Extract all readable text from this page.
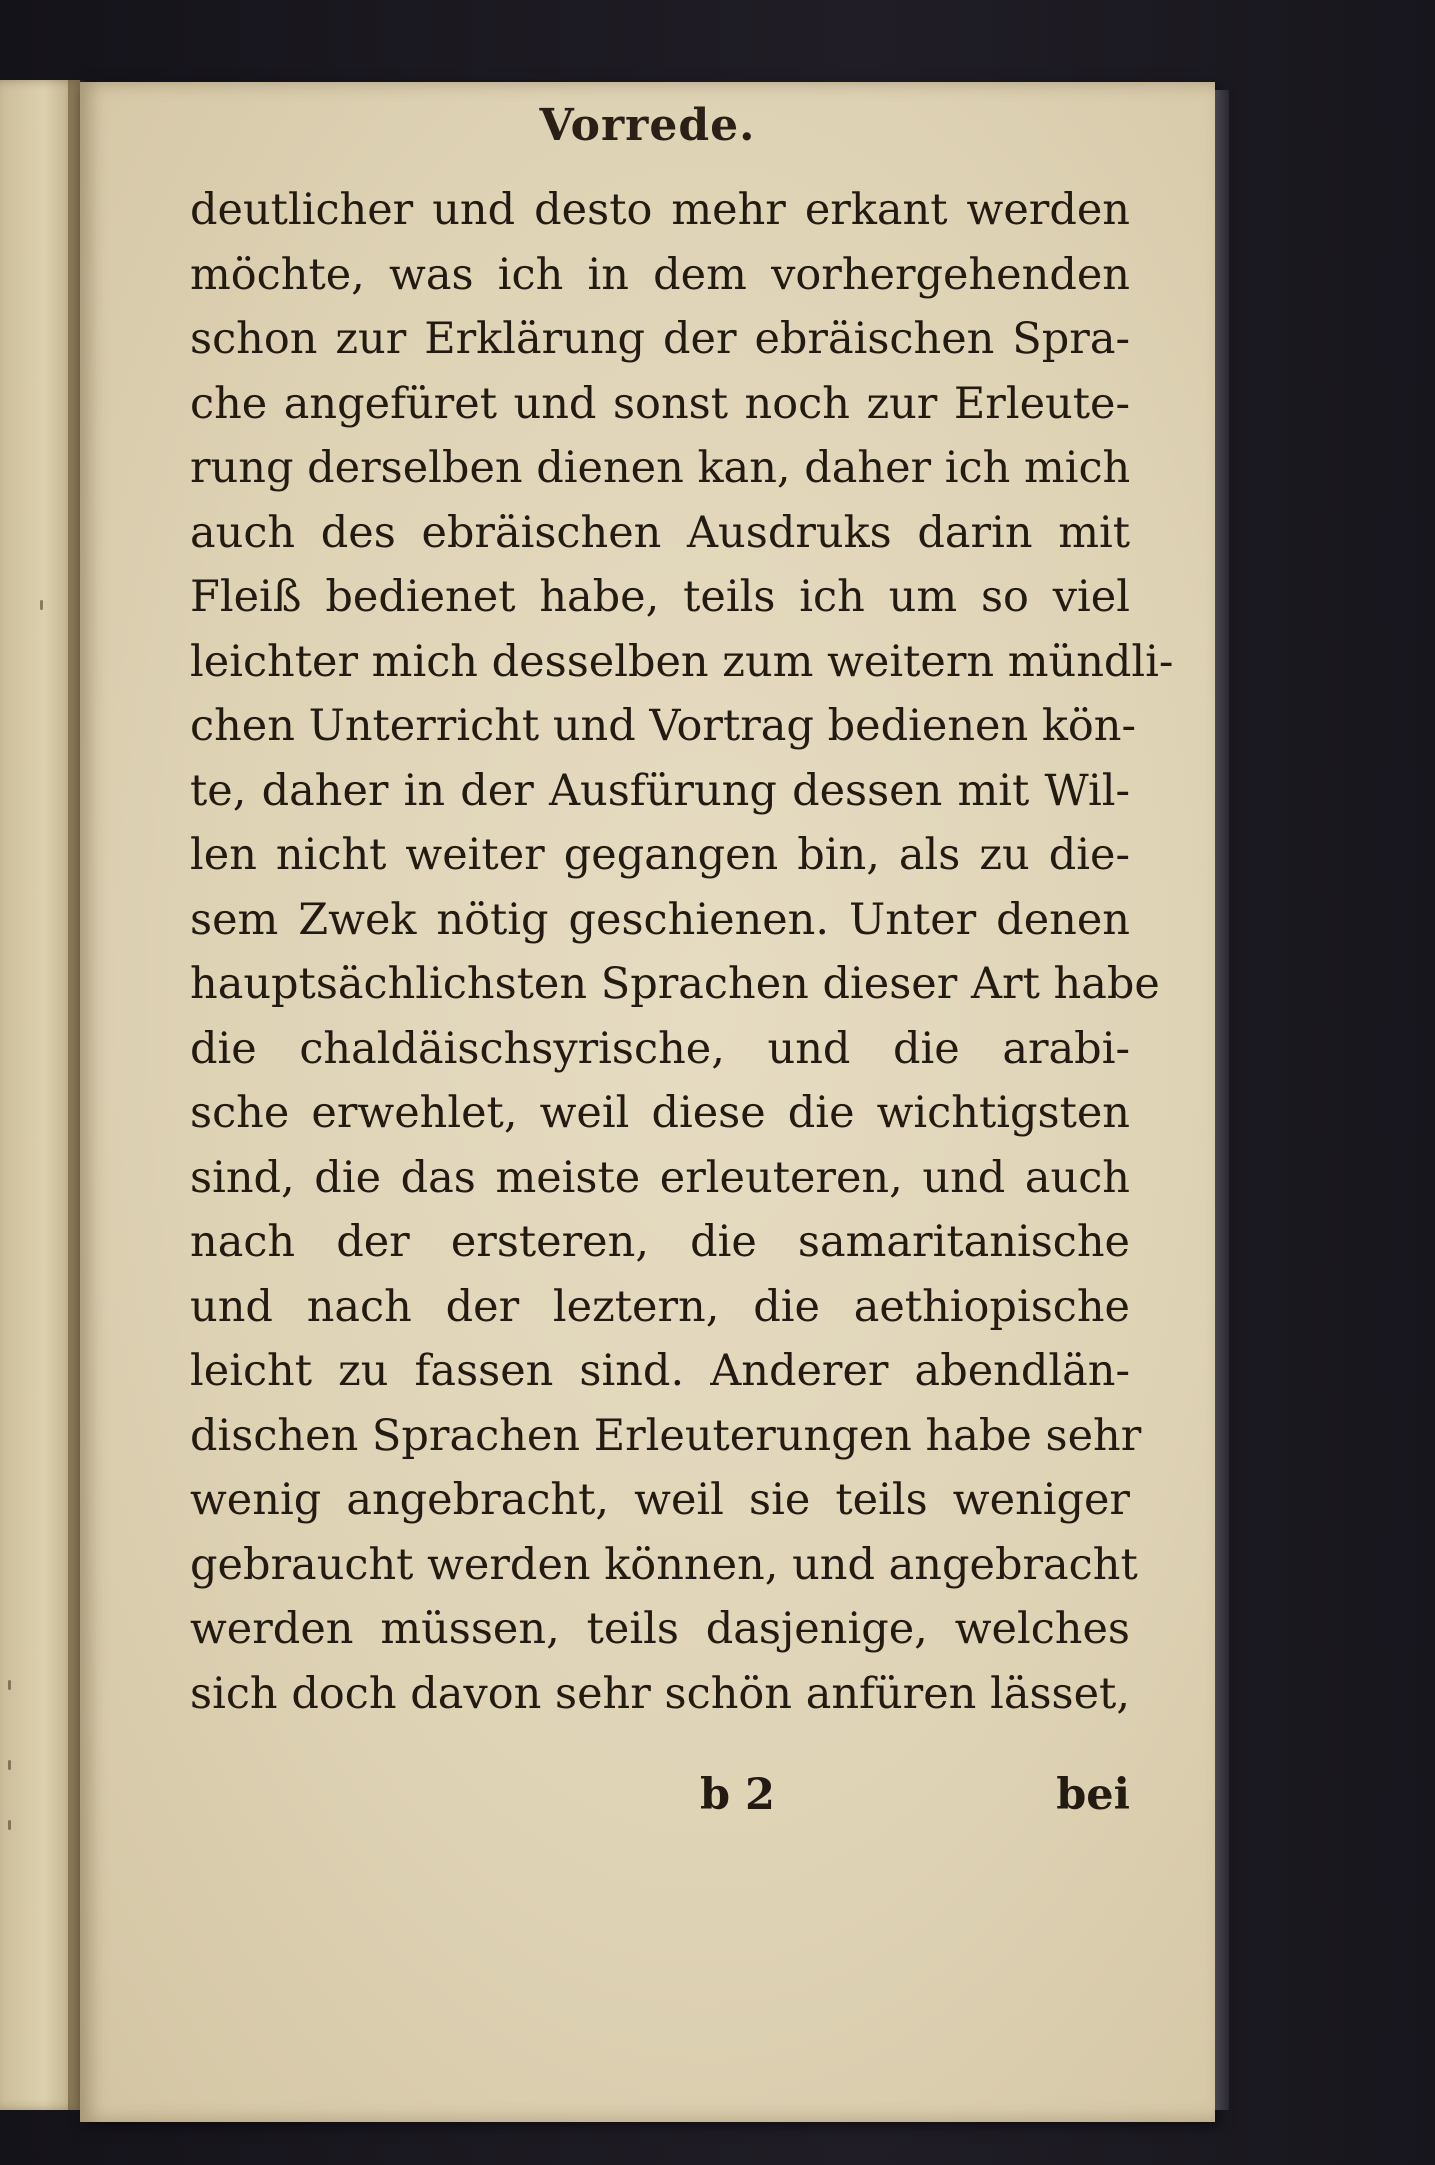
Vorrede.
deutlicher und desto mehr erkant werden
möchte, was ich in dem vorhergehenden
schon zur Erklärung der ebräischen Spra-
che angefüret und sonst noch zur Erleute-
rung derselben dienen kan, daher ich mich
auch des ebräischen Ausdruks darin mit
Fleiß bedienet habe, teils ich um so viel
leichter mich desselben zum weitern mündli-
chen Unterricht und Vortrag bedienen kön-
te, daher in der Ausfürung dessen mit Wil-
len nicht weiter gegangen bin, als zu die-
sem Zwek nötig geschienen. Unter denen
hauptsächlichsten Sprachen dieser Art habe
die chaldäischsyrische, und die arabi-
sche erwehlet, weil diese die wichtigsten
sind, die das meiste erleuteren, und auch
nach der ersteren, die samaritanische
und nach der leztern, die aethiopische
leicht zu fassen sind. Anderer abendlän-
dischen Sprachen Erleuterungen habe sehr
wenig angebracht, weil sie teils weniger
gebraucht werden können, und angebracht
werden müssen, teils dasjenige, welches
sich doch davon sehr schön anfüren lässet,
b 2	bei
